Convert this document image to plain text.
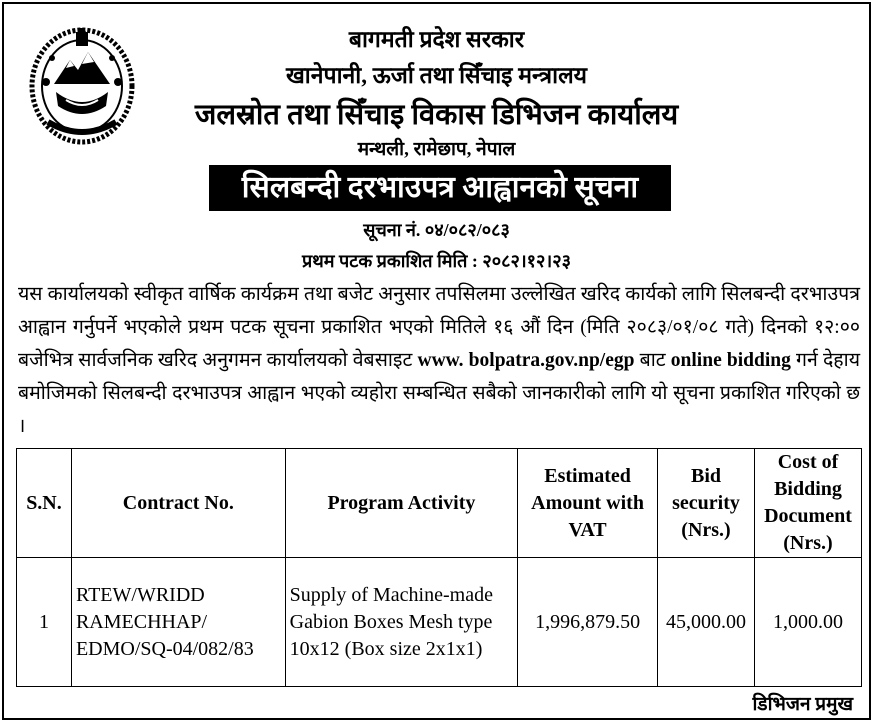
बागमती प्रदेश सरकार
खानेपानी, ऊर्जा तथा सिँचाइ मन्त्रालय
जलस्रोत तथा सिँचाइ विकास डिभिजन कार्यालय
मन्थली, रामेछाप, नेपाल
सिलबन्दी दरभाउपत्र आह्वानको सूचना
सूचना नं. ०४/०८२/०८३
प्रथम पटक प्रकाशित मिति : २०८२।१२।२३
यस कार्यालयको स्वीकृत वार्षिक कार्यक्रम तथा बजेट अनुसार तपसिलमा उल्लेखित खरिद कार्यको लागि सिलबन्दी दरभाउपत्र आह्वान गर्नुपर्ने भएकोले प्रथम पटक सूचना प्रकाशित भएको मितिले १६ औं दिन (मिति २०८३/०१/०८ गते) दिनको १२:०० बजेभित्र सार्वजनिक खरिद अनुगमन कार्यालयको वेबसाइट www. bolpatra.gov.np/egp बाट online bidding गर्न देहाय बमोजिमको सिलबन्दी दरभाउपत्र आह्वान भएको व्यहोरा सम्बन्धित सबैको जानकारीको लागि यो सूचना प्रकाशित गरिएको छ ।
S.N.	Contract No.	Program Activity	Estimated Amount with VAT	Bid security (Nrs.)	Cost of Bidding Document (Nrs.)
1	RTEW/WRIDD RAMECHHAP/ EDMO/SQ-04/082/83	Supply of Machine-made Gabion Boxes Mesh type 10x12 (Box size 2x1x1)	1,996,879.50	45,000.00	1,000.00
डिभिजन प्रमुख
